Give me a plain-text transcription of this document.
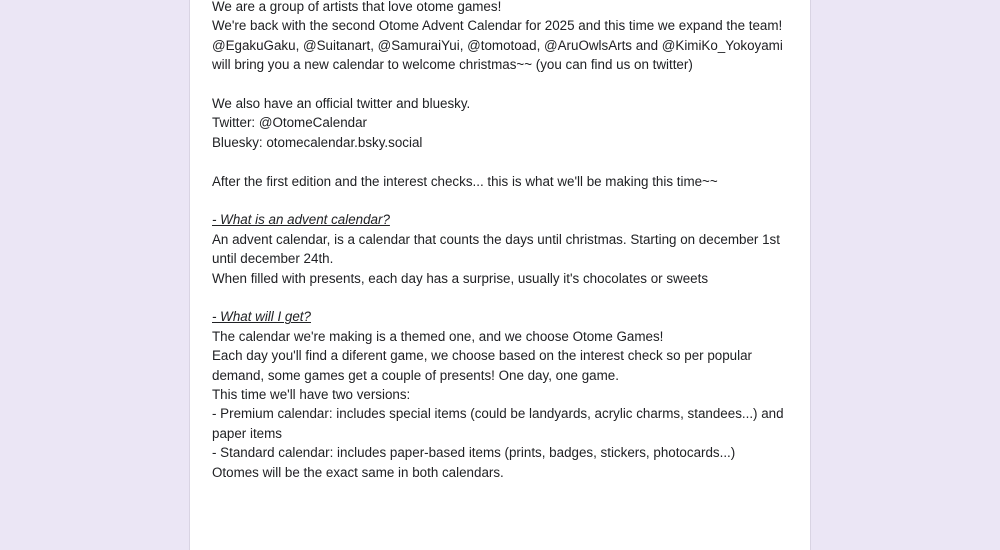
We are a group of artists that love otome games!

We're back with the second Otome Advent Calendar for 2025 and this time we expand the team!

@EgakuGaku, @Suitanart, @SamuraiYui, @tomotoad, @AruOwlsArts and @KimiKo_Yokoyami will bring you a new calendar to welcome christmas~~ (you can find us on twitter)

We also have an official twitter and bluesky.

Twitter: @OtomeCalendar

Bluesky: otomecalendar.bsky.social

After the first edition and the interest checks... this is what we'll be making this time~~

- What is an advent calendar?

An advent calendar, is a calendar that counts the days until christmas. Starting on december 1st until december 24th.

When filled with presents, each day has a surprise, usually it's chocolates or sweets

- What will I get?

The calendar we're making is a themed one, and we choose Otome Games!

Each day you'll find a diferent game, we choose based on the interest check so per popular demand, some games get a couple of presents! One day, one game.

This time we'll have two versions:

- Premium calendar: includes special items (could be landyards, acrylic charms, standees...) and paper items

- Standard calendar: includes paper-based items (prints, badges, stickers, photocards...)

Otomes will be the exact same in both calendars.
